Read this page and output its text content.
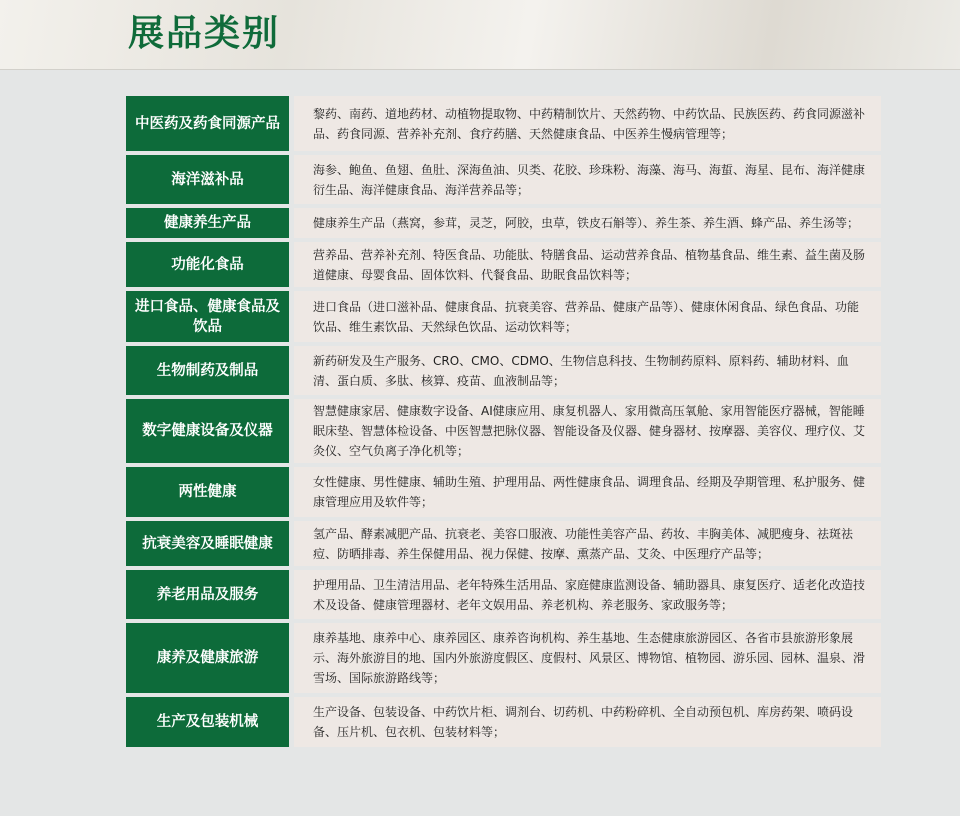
展品类别
中医药及药食同源产品
黎药、南药、道地药材、动植物提取物、中药精制饮片、天然药物、中药饮品、民族医药、药食同源滋补品、药食同源、营养补充剂、食疗药膳、天然健康食品、中医养生慢病管理等；
海洋滋补品
海参、鲍鱼、鱼翅、鱼肚、深海鱼油、贝类、花胶、珍珠粉、海藻、海马、海蜇、海星、昆布、海洋健康衍生品、海洋健康食品、海洋营养品等；
健康养生产品	健康养生产品（燕窝，参茸，灵芝，阿胶，虫草，铁皮石斛等）、养生茶、养生酒、蜂产品、养生汤等；
功能化食品
营养品、营养补充剂、特医食品、功能肽、特膳食品、运动营养食品、植物基食品、维生素、益生菌及肠道健康、母婴食品、固体饮料、代餐食品、助眠食品饮料等；
进口食品、健康食品及饮品
进口食品（进口滋补品、健康食品、抗衰美容、营养品、健康产品等）、健康休闲食品、绿色食品、功能饮品、维生素饮品、天然绿色饮品、运动饮料等；
生物制药及制品
新药研发及生产服务、CRO、CMO、CDMO、生物信息科技、生物制药原料、原料药、辅助材料、血清、蛋白质、多肽、核算、疫苗、血液制品等；
数字健康设备及仪器
智慧健康家居、健康数字设备、AI健康应用、康复机器人、家用微高压氧舱、家用智能医疗器械，智能睡眠床垫、智慧体检设备、中医智慧把脉仪器、智能设备及仪器、健身器材、按摩器、美容仪、理疗仪、艾灸仪、空气负离子净化机等；
两性健康
女性健康、男性健康、辅助生殖、护理用品、两性健康食品、调理食品、经期及孕期管理、私护服务、健康管理应用及软件等；
抗衰美容及睡眠健康
氢产品、酵素减肥产品、抗衰老、美容口服液、功能性美容产品、药妆、丰胸美体、减肥瘦身、祛斑祛痘、防晒排毒、养生保健用品、视力保健、按摩、熏蒸产品、艾灸、中医理疗产品等；
养老用品及服务
护理用品、卫生清洁用品、老年特殊生活用品、家庭健康监测设备、辅助器具、康复医疗、适老化改造技术及设备、健康管理器材、老年文娱用品、养老机构、养老服务、家政服务等；
康养及健康旅游
康养基地、康养中心、康养园区、康养咨询机构、养生基地、生态健康旅游园区、各省市县旅游形象展示、海外旅游目的地、国内外旅游度假区、度假村、风景区、博物馆、植物园、游乐园、园林、温泉、滑雪场、国际旅游路线等；
生产及包装机械
生产设备、包装设备、中药饮片柜、调剂台、切药机、中药粉碎机、全自动预包机、库房药架、喷码设备、压片机、包衣机、包装材料等；
